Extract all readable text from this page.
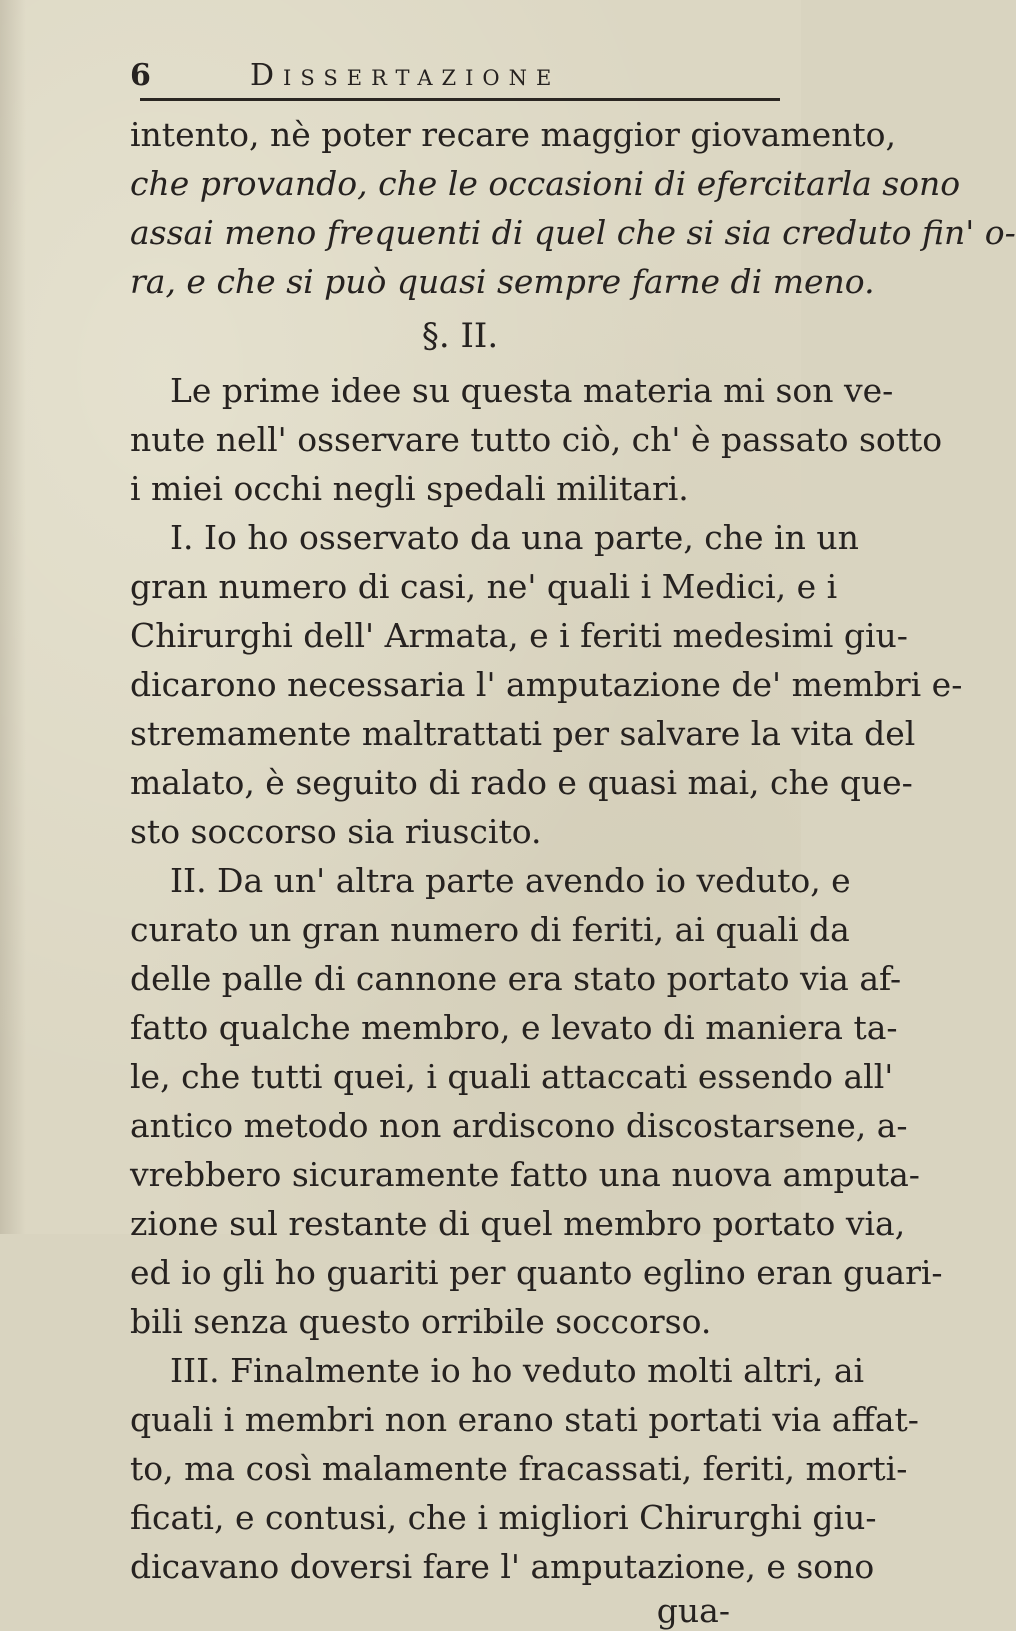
6	Dissertazione
intento, nè poter recare maggior giovamento,
che provando, che le occasioni di efercitarla sono
assai meno frequenti di quel che si sia creduto fin' o-
ra, e che si può quasi sempre farne di meno.
§. II.
Le prime idee su questa materia mi son ve-
nute nell' osservare tutto ciò, ch' è passato sotto
i miei occhi negli spedali militari.
I. Io ho osservato da una parte, che in un
gran numero di casi, ne' quali i Medici, e i
Chirurghi dell' Armata, e i feriti medesimi giu-
dicarono necessaria l' amputazione de' membri e-
stremamente maltrattati per salvare la vita del
malato, è seguito di rado e quasi mai, che que-
sto soccorso sia riuscito.
II. Da un' altra parte avendo io veduto, e
curato un gran numero di feriti, ai quali da
delle palle di cannone era stato portato via af-
fatto qualche membro, e levato di maniera ta-
le, che tutti quei, i quali attaccati essendo all'
antico metodo non ardiscono discostarsene, a-
vrebbero sicuramente fatto una nuova amputa-
zione sul restante di quel membro portato via,
ed io gli ho guariti per quanto eglino eran guari-
bili senza questo orribile soccorso.
III. Finalmente io ho veduto molti altri, ai
quali i membri non erano stati portati via affat-
to, ma così malamente fracassati, feriti, morti-
ficati, e contusi, che i migliori Chirurghi giu-
dicavano doversi fare l' amputazione, e sono
gua-
